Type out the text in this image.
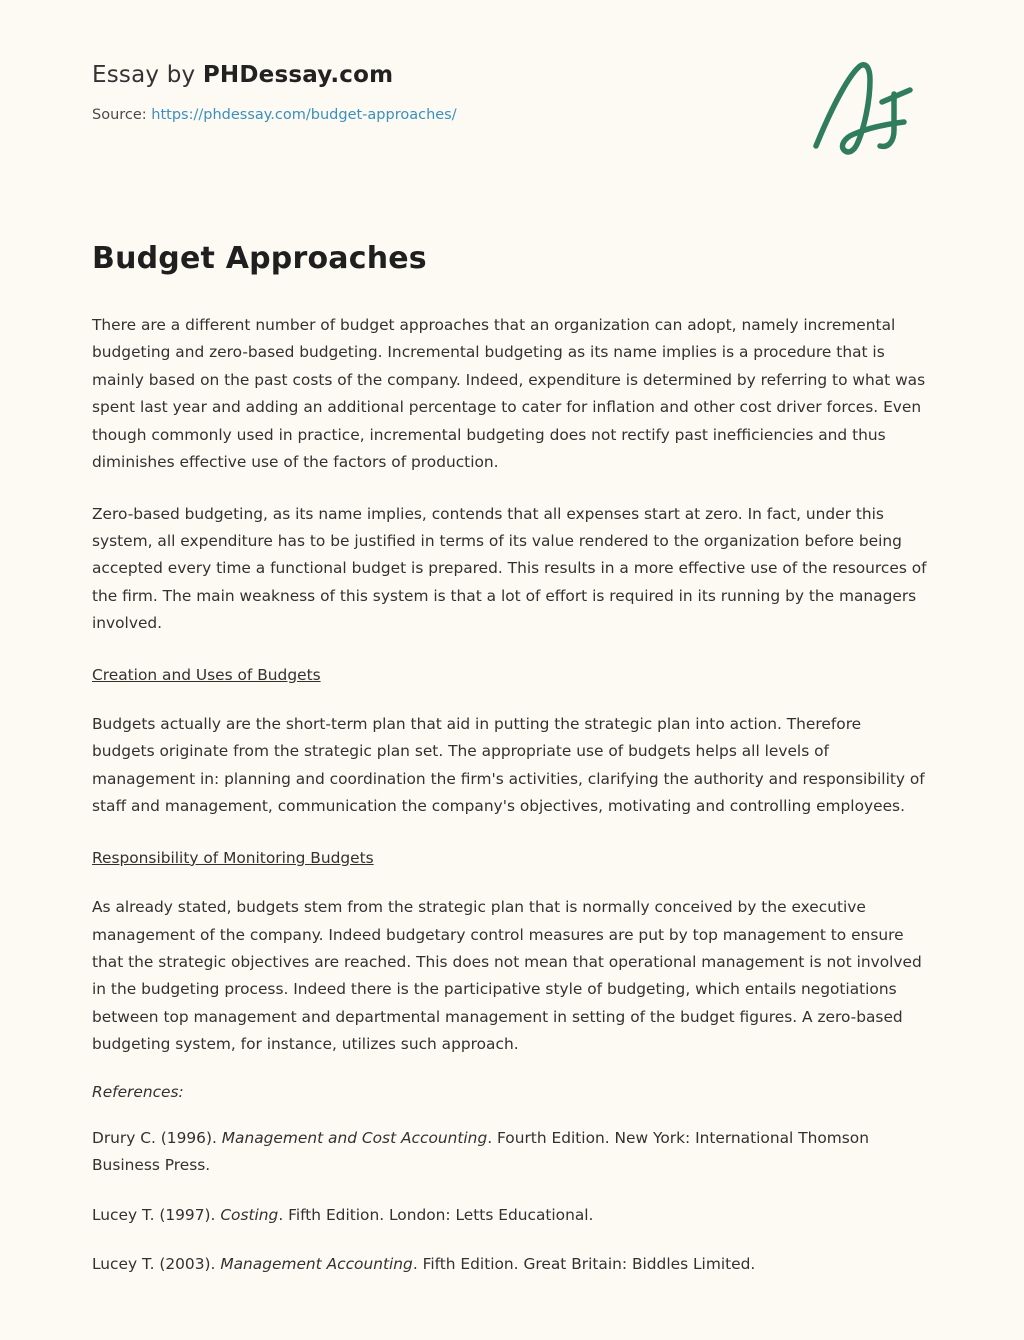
Essay by PHDessay.com
Source: https://phdessay.com/budget-approaches/
Budget Approaches

There are a different number of budget approaches that an organization can adopt, namely incremental budgeting and zero-based budgeting. Incremental budgeting as its name implies is a procedure that is mainly based on the past costs of the company. Indeed, expenditure is determined by referring to what was spent last year and adding an additional percentage to cater for inflation and other cost driver forces. Even though commonly used in practice, incremental budgeting does not rectify past inefficiencies and thus diminishes effective use of the factors of production.

Zero-based budgeting, as its name implies, contends that all expenses start at zero. In fact, under this system, all expenditure has to be justified in terms of its value rendered to the organization before being accepted every time a functional budget is prepared. This results in a more effective use of the resources of the firm. The main weakness of this system is that a lot of effort is required in its running by the managers involved.

Creation and Uses of Budgets

Budgets actually are the short-term plan that aid in putting the strategic plan into action. Therefore budgets originate from the strategic plan set. The appropriate use of budgets helps all levels of management in: planning and coordination the firm's activities, clarifying the authority and responsibility of staff and management, communication the company's objectives, motivating and controlling employees.

Responsibility of Monitoring Budgets

As already stated, budgets stem from the strategic plan that is normally conceived by the executive management of the company. Indeed budgetary control measures are put by top management to ensure that the strategic objectives are reached. This does not mean that operational management is not involved in the budgeting process. Indeed there is the participative style of budgeting, which entails negotiations between top management and departmental management in setting of the budget figures. A zero-based budgeting system, for instance, utilizes such approach.

References:
Drury C. (1996). Management and Cost Accounting. Fourth Edition. New York: International Thomson Business Press.
Lucey T. (1997). Costing. Fifth Edition. London: Letts Educational.
Lucey T. (2003). Management Accounting. Fifth Edition. Great Britain: Biddles Limited.
